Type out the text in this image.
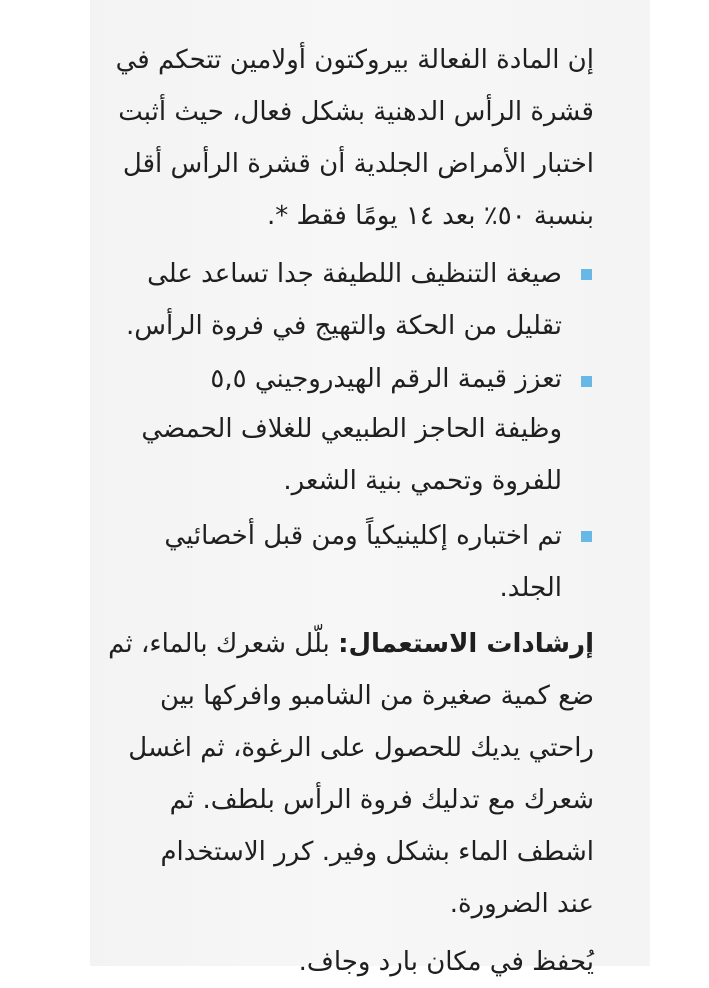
إن المادة الفعالة بيروكتون أولامين تتحكم في
قشرة الرأس الدهنية بشكل فعال، حيث أثبت
اختبار الأمراض الجلدية أن قشرة الرأس أقل
بنسبة ٥٠٪ بعد ١٤ يومًا فقط *.
صيغة التنظيف اللطيفة جدا تساعد على
تقليل من الحكة والتهيج في فروة الرأس.
تعزز قيمة الرقم الهيدروجيني ٥,٥
وظيفة الحاجز الطبيعي للغلاف الحمضي
للفروة وتحمي بنية الشعر.
تم اختباره إكلينيكياً ومن قبل أخصائيي
الجلد.
إرشادات الاستعمال: بلّل شعرك بالماء، ثم
ضع كمية صغيرة من الشامبو وافركها بين
راحتي يديك للحصول على الرغوة، ثم اغسل
شعرك مع تدليك فروة الرأس بلطف. ثم
اشطف الماء بشكل وفير. كرر الاستخدام
عند الضرورة.
يُحفظ في مكان بارد وجاف.
